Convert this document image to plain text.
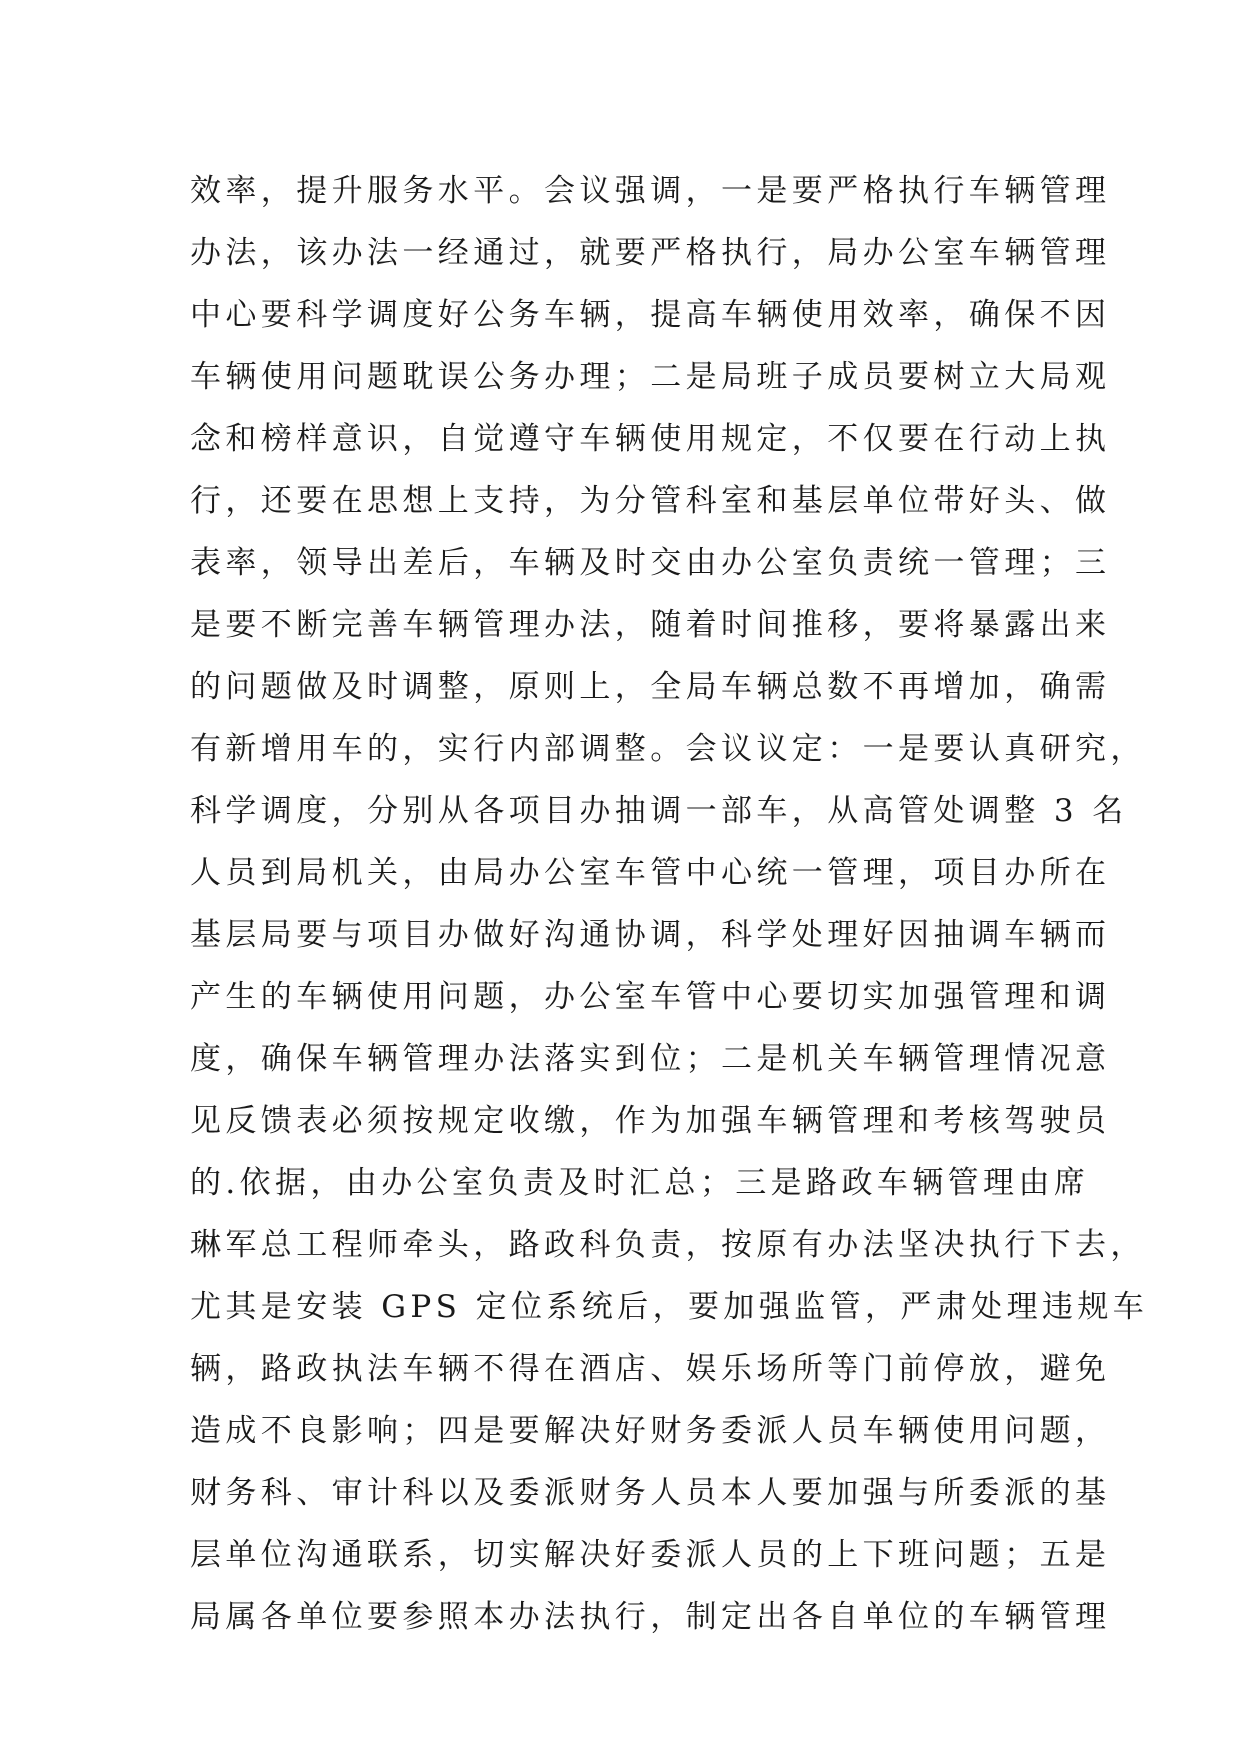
效率，提升服务水平。会议强调，一是要严格执行车辆管理
办法，该办法一经通过，就要严格执行，局办公室车辆管理
中心要科学调度好公务车辆，提高车辆使用效率，确保不因
车辆使用问题耽误公务办理；二是局班子成员要树立大局观
念和榜样意识，自觉遵守车辆使用规定，不仅要在行动上执
行，还要在思想上支持，为分管科室和基层单位带好头、做
表率，领导出差后，车辆及时交由办公室负责统一管理；三
是要不断完善车辆管理办法，随着时间推移，要将暴露出来
的问题做及时调整，原则上，全局车辆总数不再增加，确需
有新增用车的，实行内部调整。会议议定：一是要认真研究，
科学调度，分别从各项目办抽调一部车，从高管处调整 3 名
人员到局机关，由局办公室车管中心统一管理，项目办所在
基层局要与项目办做好沟通协调，科学处理好因抽调车辆而
产生的车辆使用问题，办公室车管中心要切实加强管理和调
度，确保车辆管理办法落实到位；二是机关车辆管理情况意
见反馈表必须按规定收缴，作为加强车辆管理和考核驾驶员
的.依据，由办公室负责及时汇总；三是路政车辆管理由席
琳军总工程师牵头，路政科负责，按原有办法坚决执行下去，
尤其是安装 GPS 定位系统后，要加强监管，严肃处理违规车
辆，路政执法车辆不得在酒店、娱乐场所等门前停放，避免
造成不良影响；四是要解决好财务委派人员车辆使用问题，
财务科、审计科以及委派财务人员本人要加强与所委派的基
层单位沟通联系，切实解决好委派人员的上下班问题；五是
局属各单位要参照本办法执行，制定出各自单位的车辆管理
